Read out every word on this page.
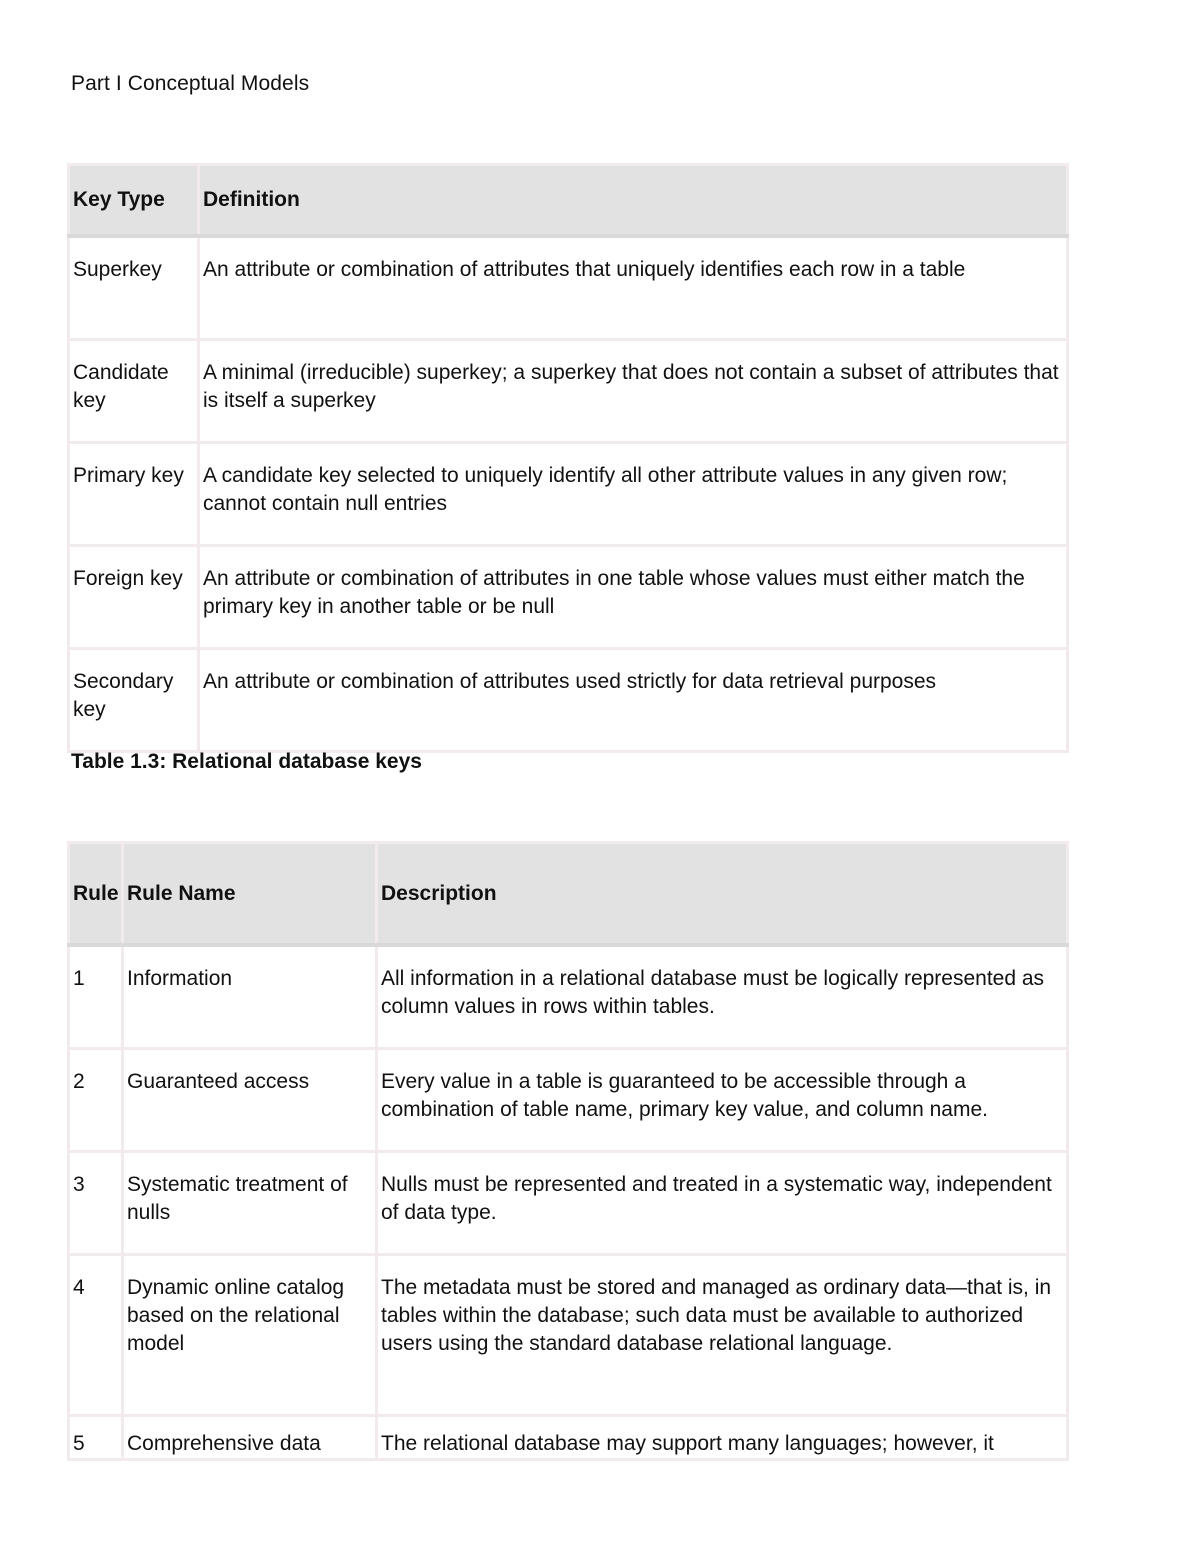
Part I Conceptual Models
Key Type	Definition
Superkey	An attribute or combination of attributes that uniquely identifies each row in a table
Candidate key	A minimal (irreducible) superkey; a superkey that does not contain a subset of attributes that is itself a superkey
Primary key	A candidate key selected to uniquely identify all other attribute values in any given row; cannot contain null entries
Foreign key	An attribute or combination of attributes in one table whose values must either match the primary key in another table or be null
Secondary key	An attribute or combination of attributes used strictly for data retrieval purposes
Table 1.3: Relational database keys
Rule	Rule Name	Description
1	Information	All information in a relational database must be logically represented as column values in rows within tables.
2	Guaranteed access	Every value in a table is guaranteed to be accessible through a combination of table name, primary key value, and column name.
3	Systematic treatment of nulls	Nulls must be represented and treated in a systematic way, independent of data type.
4	Dynamic online catalog based on the relational model	The metadata must be stored and managed as ordinary data—that is, in tables within the database; such data must be available to authorized users using the standard database relational language.
5	Comprehensive data	The relational database may support many languages; however, it
